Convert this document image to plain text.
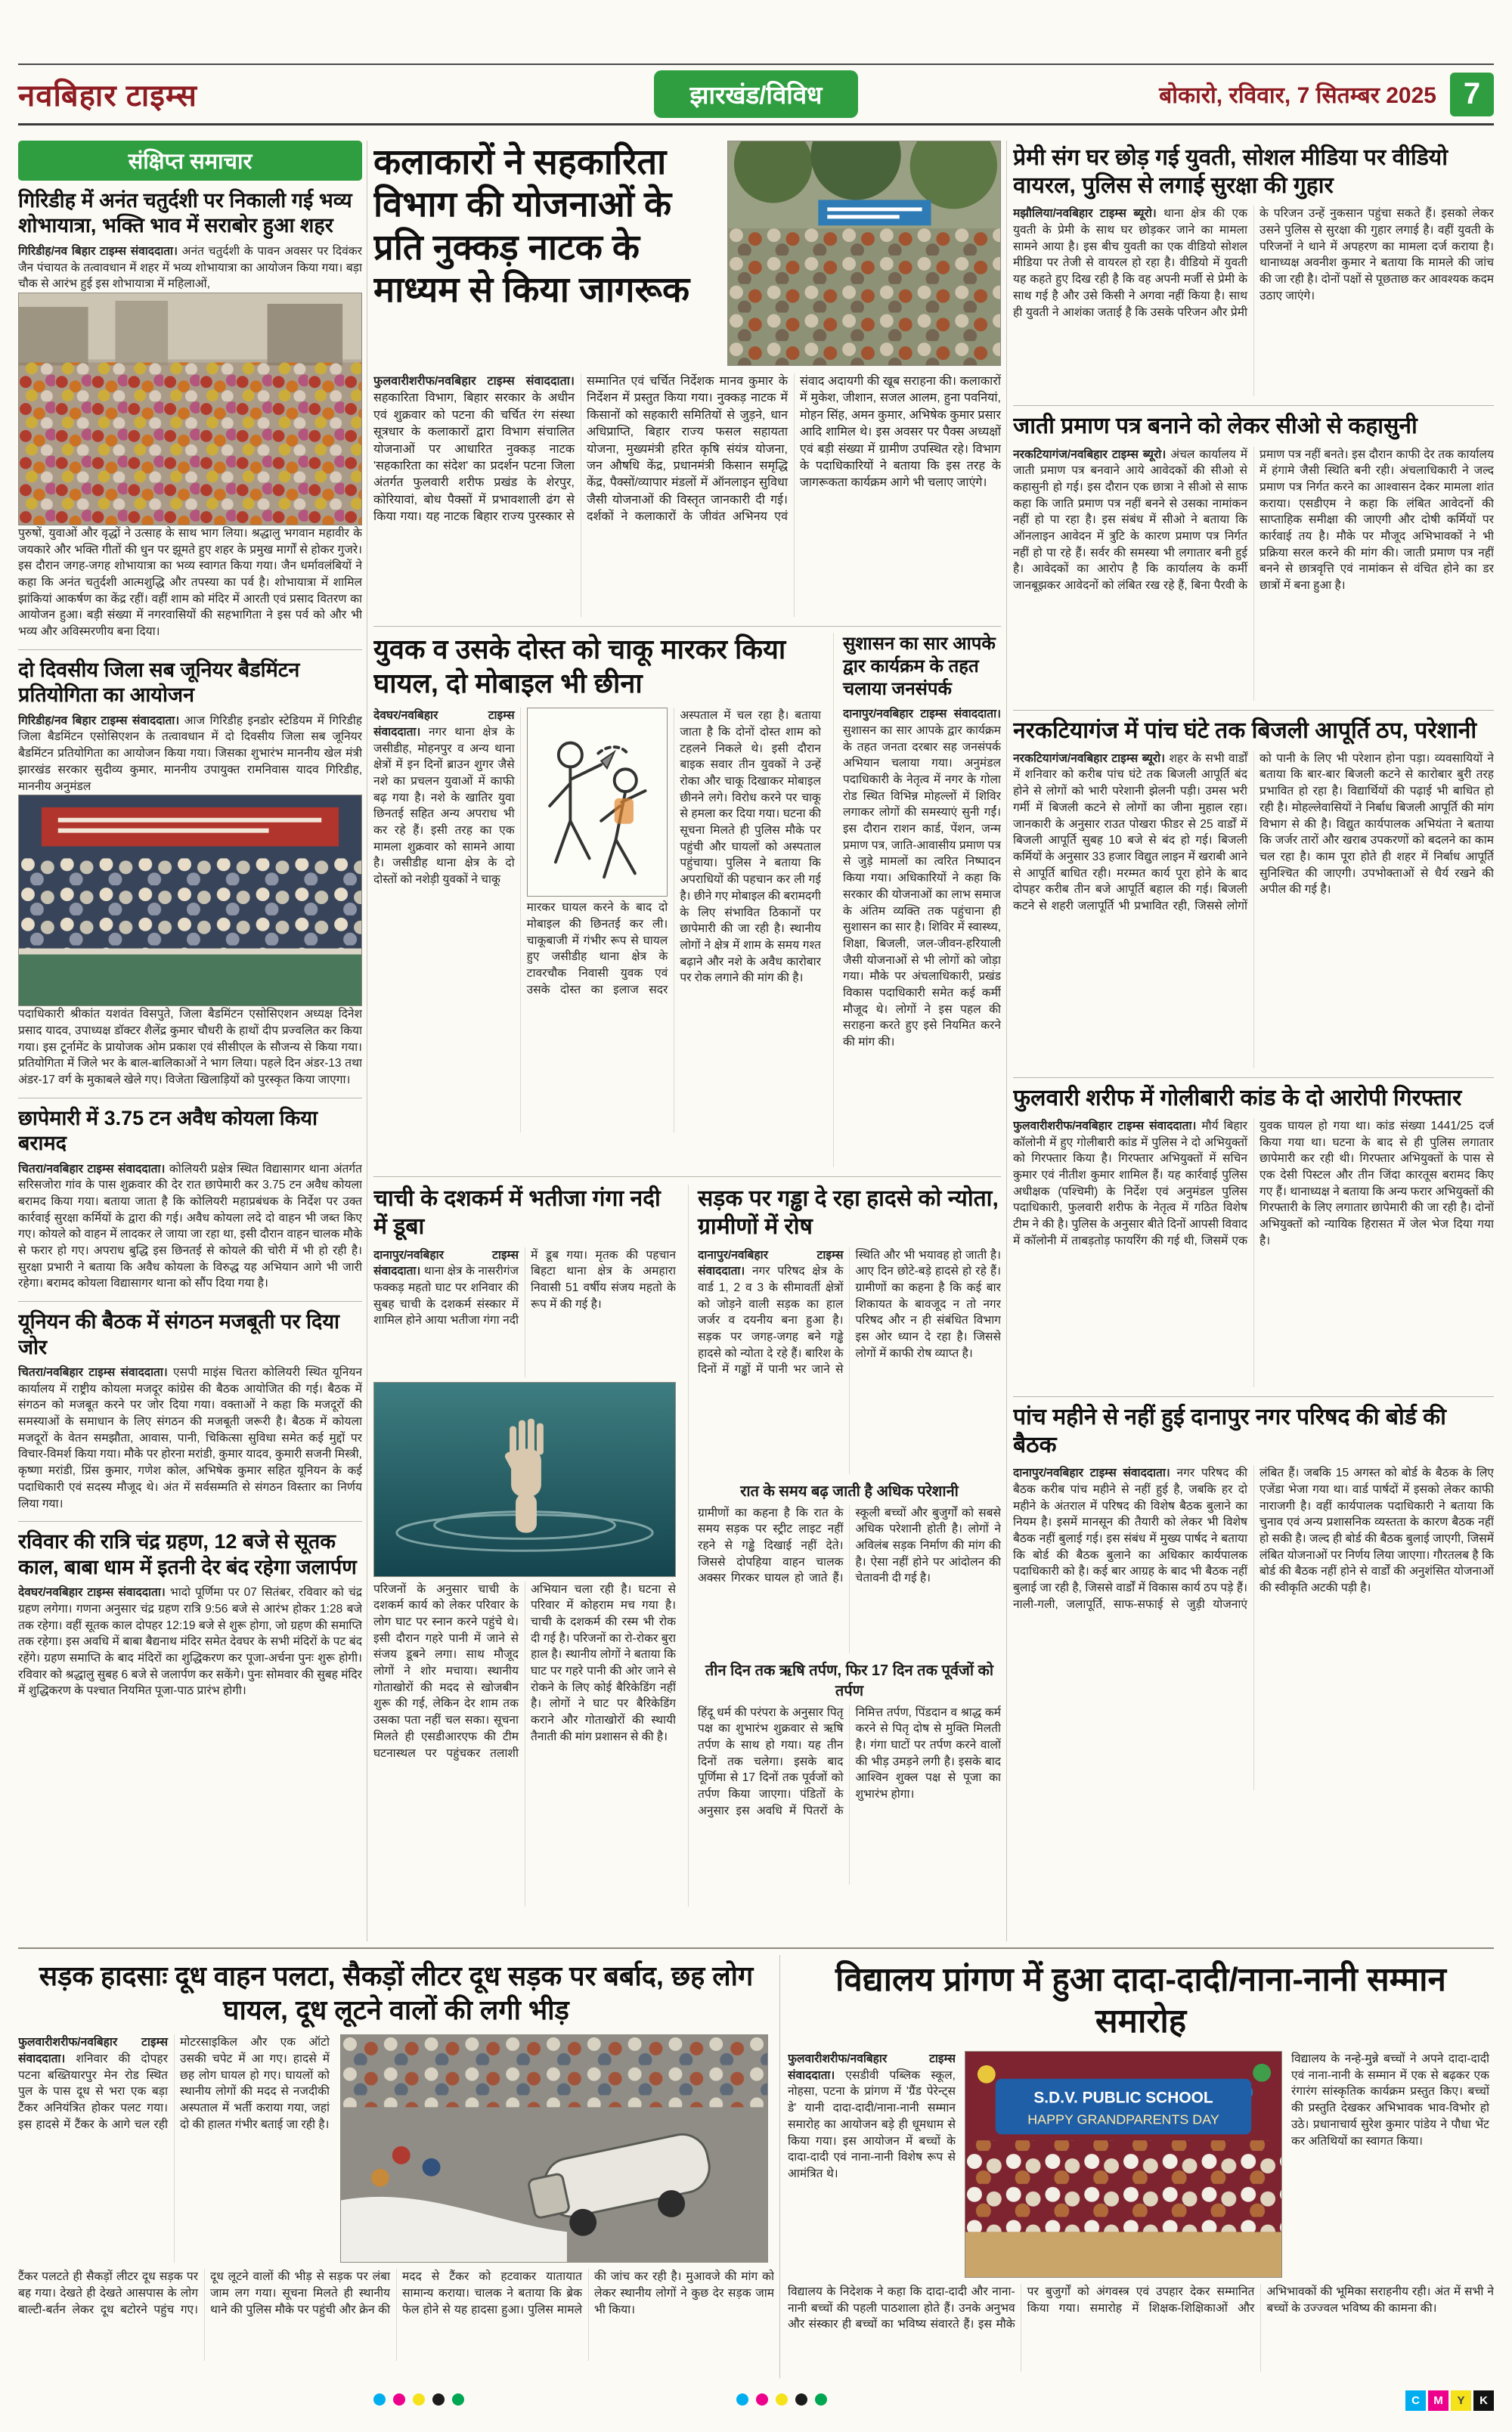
नवबिहार टाइम्स	झारखंड/विविध	बोकारो, रविवार, 7 सितम्बर 2025 7
संक्षिप्त समाचार
गिरिडीह में अनंत चतुर्दशी पर निकाली गई भव्य शोभायात्रा, भक्ति भाव में सराबोर हुआ शहर

गिरिडीह/नव बिहार टाइम्स संवाददाता। अनंत चतुर्दशी के पावन अवसर पर दिवंकर जैन पंचायत के तत्वावधान में शहर में भव्य शोभायात्रा का आयोजन किया गया। बड़ा चौक से आरंभ हुई इस शोभायात्रा में महिलाओं,

पुरुषों, युवाओं और वृद्धों ने उत्साह के साथ भाग लिया। श्रद्धालु भगवान महावीर के जयकारे और भक्ति गीतों की धुन पर झूमते हुए शहर के प्रमुख मार्गों से होकर गुजरे। इस दौरान जगह-जगह शोभायात्रा का भव्य स्वागत किया गया। जैन धर्मावलंबियों ने कहा कि अनंत चतुर्दशी आत्मशुद्धि और तपस्या का पर्व है। शोभायात्रा में शामिल झांकियां आकर्षण का केंद्र रहीं। वहीं शाम को मंदिर में आरती एवं प्रसाद वितरण का आयोजन हुआ। बड़ी संख्या में नगरवासियों की सहभागिता ने इस पर्व को और भी भव्य और अविस्मरणीय बना दिया।

दो दिवसीय जिला सब जूनियर बैडमिंटन प्रतियोगिता का आयोजन

गिरिडीह/नव बिहार टाइम्स संवाददाता। आज गिरिडीह इनडोर स्टेडियम में गिरिडीह जिला बैडमिंटन एसोसिएशन के तत्वावधान में दो दिवसीय जिला सब जूनियर बैडमिंटन प्रतियोगिता का आयोजन किया गया। जिसका शुभारंभ माननीय खेल मंत्री झारखंड सरकार सुदीव्य कुमार, माननीय उपायुक्त रामनिवास यादव गिरिडीह, माननीय अनुमंडल

पदाधिकारी श्रीकांत यशवंत विसपुते, जिला बैडमिंटन एसोसिएशन अध्यक्ष दिनेश प्रसाद यादव, उपाध्यक्ष डॉक्टर शैलेंद्र कुमार चौधरी के हाथों दीप प्रज्वलित कर किया गया। इस टूर्नामेंट के प्रायोजक ओम प्रकाश एवं सीसीएल के सौजन्य से किया गया। प्रतियोगिता में जिले भर के बाल-बालिकाओं ने भाग लिया। पहले दिन अंडर-13 तथा अंडर-17 वर्ग के मुकाबले खेले गए। विजेता खिलाड़ियों को पुरस्कृत किया जाएगा।

छापेमारी में 3.75 टन अवैध कोयला किया बरामद

चितरा/नवबिहार टाइम्स संवाददाता। कोलियरी प्रक्षेत्र स्थित विद्यासागर थाना अंतर्गत सरिसजोरा गांव के पास शुक्रवार की देर रात छापेमारी कर 3.75 टन अवैध कोयला बरामद किया गया। बताया जाता है कि कोलियरी महाप्रबंधक के निर्देश पर उक्त कार्रवाई सुरक्षा कर्मियों के द्वारा की गई। अवैध कोयला लदे दो वाहन भी जब्त किए गए। कोयले को वाहन में लादकर ले जाया जा रहा था, इसी दौरान वाहन चालक मौके से फरार हो गए। अपराध बुद्धि इस छिनतई से कोयले की चोरी में भी हो रही है। सुरक्षा प्रभारी ने बताया कि अवैध कोयला के विरुद्ध यह अभियान आगे भी जारी रहेगा। बरामद कोयला विद्यासागर थाना को सौंप दिया गया है।

यूनियन की बैठक में संगठन मजबूती पर दिया जोर

चितरा/नवबिहार टाइम्स संवाददाता। एसपी माइंस चितरा कोलियरी स्थित यूनियन कार्यालय में राष्ट्रीय कोयला मजदूर कांग्रेस की बैठक आयोजित की गई। बैठक में संगठन को मजबूत करने पर जोर दिया गया। वक्ताओं ने कहा कि मजदूरों की समस्याओं के समाधान के लिए संगठन की मजबूती जरूरी है। बैठक में कोयला मजदूरों के वेतन समझौता, आवास, पानी, चिकित्सा सुविधा समेत कई मुद्दों पर विचार-विमर्श किया गया। मौके पर होरना मरांडी, कुमार यादव, कुमारी सजनी मिस्त्री, कृष्णा मरांडी, प्रिंस कुमार, गणेश कोल, अभिषेक कुमार सहित यूनियन के कई पदाधिकारी एवं सदस्य मौजूद थे। अंत में सर्वसम्मति से संगठन विस्तार का निर्णय लिया गया।

रविवार की रात्रि चंद्र ग्रहण, 12 बजे से सूतक काल, बाबा धाम में इतनी देर बंद रहेगा जलार्पण

देवघर/नवबिहार टाइम्स संवाददाता। भादो पूर्णिमा पर 07 सितंबर, रविवार को चंद्र ग्रहण लगेगा। गणना अनुसार चंद्र ग्रहण रात्रि 9:56 बजे से आरंभ होकर 1:28 बजे तक रहेगा। वहीं सूतक काल दोपहर 12:19 बजे से शुरू होगा, जो ग्रहण की समाप्ति तक रहेगा। इस अवधि में बाबा बैद्यनाथ मंदिर समेत देवघर के सभी मंदिरों के पट बंद रहेंगे। ग्रहण समाप्ति के बाद मंदिरों का शुद्धिकरण कर पूजा-अर्चना पुनः शुरू होगी। रविवार को श्रद्धालु सुबह 6 बजे से जलार्पण कर सकेंगे। पुनः सोमवार की सुबह मंदिर में शुद्धिकरण के पश्चात नियमित पूजा-पाठ प्रारंभ होगी।

कलाकारों ने सहकारिता विभाग की योजनाओं के प्रति नुक्कड़ नाटक के माध्यम से किया जागरूक

फुलवारीशरीफ/नवबिहार टाइम्स संवाददाता। सहकारिता विभाग, बिहार सरकार के अधीन एवं शुक्रवार को पटना की चर्चित रंग संस्था सूत्रधार के कलाकारों द्वारा विभाग संचालित योजनाओं पर आधारित नुक्कड़ नाटक 'सहकारिता का संदेश' का प्रदर्शन पटना जिला अंतर्गत फुलवारी शरीफ प्रखंड के शेरपुर, कोरियावां, बोध पैक्सों में प्रभावशाली ढंग से किया गया। यह नाटक बिहार राज्य पुरस्कार से सम्मानित एवं चर्चित निर्देशक मानव कुमार के निर्देशन में प्रस्तुत किया गया। नुक्कड़ नाटक में किसानों को सहकारी समितियों से जुड़ने, धान अधिप्राप्ति, बिहार राज्य फसल सहायता योजना, मुख्यमंत्री हरित कृषि संयंत्र योजना, जन औषधि केंद्र, प्रधानमंत्री किसान समृद्धि केंद्र, पैक्सों/व्यापार मंडलों में ऑनलाइन सुविधा जैसी योजनाओं की विस्तृत जानकारी दी गई। दर्शकों ने कलाकारों के जीवंत अभिनय एवं संवाद अदायगी की खूब सराहना की। कलाकारों में मुकेश, जीशान, सजल आलम, हुना पवनियां, मोहन सिंह, अमन कुमार, अभिषेक कुमार प्रसार आदि शामिल थे। इस अवसर पर पैक्स अध्यक्षों एवं बड़ी संख्या में ग्रामीण उपस्थित रहे। विभाग के पदाधिकारियों ने बताया कि इस तरह के जागरूकता कार्यक्रम आगे भी चलाए जाएंगे।

युवक व उसके दोस्त को चाकू मारकर किया घायल, दो मोबाइल भी छीना

देवघर/नवबिहार टाइम्स संवाददाता। नगर थाना क्षेत्र के जसीडीह, मोहनपुर व अन्य थाना क्षेत्रों में इन दिनों ब्राउन शुगर जैसे नशे का प्रचलन युवाओं में काफी बढ़ गया है। नशे के खातिर युवा छिनतई सहित अन्य अपराध भी कर रहे हैं। इसी तरह का एक मामला शुक्रवार को सामने आया है। जसीडीह थाना क्षेत्र के दो दोस्तों को नशेड़ी युवकों ने चाकू

मारकर घायल करने के बाद दो मोबाइल की छिनतई कर ली। चाकूबाजी में गंभीर रूप से घायल हुए जसीडीह थाना क्षेत्र के टावरचौक निवासी युवक एवं उसके दोस्त का इलाज सदर अस्पताल में चल रहा है। बताया जाता है कि दोनों दोस्त शाम को टहलने निकले थे। इसी दौरान बाइक सवार तीन युवकों ने उन्हें रोका और चाकू दिखाकर मोबाइल छीनने लगे। विरोध करने पर चाकू से हमला कर दिया गया। घटना की सूचना मिलते ही पुलिस मौके पर पहुंची और घायलों को अस्पताल पहुंचाया। पुलिस ने बताया कि अपराधियों की पहचान कर ली गई है। छीने गए मोबाइल की बरामदगी के लिए संभावित ठिकानों पर छापेमारी की जा रही है। स्थानीय लोगों ने क्षेत्र में शाम के समय गश्त बढ़ाने और नशे के अवैध कारोबार पर रोक लगाने की मांग की है।

सुशासन का सार आपके द्वार कार्यक्रम के तहत चलाया जनसंपर्क

दानापुर/नवबिहार टाइम्स संवाददाता। सुशासन का सार आपके द्वार कार्यक्रम के तहत जनता दरबार सह जनसंपर्क अभियान चलाया गया। अनुमंडल पदाधिकारी के नेतृत्व में नगर के गोला रोड स्थित विभिन्न मोहल्लों में शिविर लगाकर लोगों की समस्याएं सुनी गईं। इस दौरान राशन कार्ड, पेंशन, जन्म प्रमाण पत्र, जाति-आवासीय प्रमाण पत्र से जुड़े मामलों का त्वरित निष्पादन किया गया। अधिकारियों ने कहा कि सरकार की योजनाओं का लाभ समाज के अंतिम व्यक्ति तक पहुंचाना ही सुशासन का सार है। शिविर में स्वास्थ्य, शिक्षा, बिजली, जल-जीवन-हरियाली जैसी योजनाओं से भी लोगों को जोड़ा गया। मौके पर अंचलाधिकारी, प्रखंड विकास पदाधिकारी समेत कई कर्मी मौजूद थे। लोगों ने इस पहल की सराहना करते हुए इसे नियमित करने की मांग की।

चाची के दशकर्म में भतीजा गंगा नदी में डूबा

दानापुर/नवबिहार टाइम्स संवाददाता। थाना क्षेत्र के नासरीगंज फक्कड़ महतो घाट पर शनिवार की सुबह चाची के दशकर्म संस्कार में शामिल होने आया भतीजा गंगा नदी में डूब गया। मृतक की पहचान बिहटा थाना क्षेत्र के अमहारा निवासी 51 वर्षीय संजय महतो के रूप में की गई है।

परिजनों के अनुसार चाची के दशकर्म कार्य को लेकर परिवार के लोग घाट पर स्नान करने पहुंचे थे। इसी दौरान गहरे पानी में जाने से संजय डूबने लगा। साथ मौजूद लोगों ने शोर मचाया। स्थानीय गोताखोरों की मदद से खोजबीन शुरू की गई, लेकिन देर शाम तक उसका पता नहीं चल सका। सूचना मिलते ही एसडीआरएफ की टीम घटनास्थल पर पहुंचकर तलाशी अभियान चला रही है। घटना से परिवार में कोहराम मच गया है। चाची के दशकर्म की रस्म भी रोक दी गई है। परिजनों का रो-रोकर बुरा हाल है। स्थानीय लोगों ने बताया कि घाट पर गहरे पानी की ओर जाने से रोकने के लिए कोई बैरिकेडिंग नहीं है। लोगों ने घाट पर बैरिकेडिंग कराने और गोताखोरों की स्थायी तैनाती की मांग प्रशासन से की है।

सड़क पर गड्ढा दे रहा हादसे को न्योता, ग्रामीणों में रोष

दानापुर/नवबिहार टाइम्स संवाददाता। नगर परिषद क्षेत्र के वार्ड 1, 2 व 3 के सीमावर्ती क्षेत्रों को जोड़ने वाली सड़क का हाल जर्जर व दयनीय बना हुआ है। सड़क पर जगह-जगह बने गड्ढे हादसे को न्योता दे रहे हैं। बारिश के दिनों में गड्ढों में पानी भर जाने से स्थिति और भी भयावह हो जाती है। आए दिन छोटे-बड़े हादसे हो रहे हैं। ग्रामीणों का कहना है कि कई बार शिकायत के बावजूद न तो नगर परिषद और न ही संबंधित विभाग इस ओर ध्यान दे रहा है। जिससे लोगों में काफी रोष व्याप्त है।

रात के समय बढ़ जाती है अधिक परेशानी

ग्रामीणों का कहना है कि रात के समय सड़क पर स्ट्रीट लाइट नहीं रहने से गड्ढे दिखाई नहीं देते। जिससे दोपहिया वाहन चालक अक्सर गिरकर घायल हो जाते हैं। स्कूली बच्चों और बुजुर्गों को सबसे अधिक परेशानी होती है। लोगों ने अविलंब सड़क निर्माण की मांग की है। ऐसा नहीं होने पर आंदोलन की चेतावनी दी गई है।

तीन दिन तक ऋषि तर्पण, फिर 17 दिन तक पूर्वजों को तर्पण

हिंदू धर्म की परंपरा के अनुसार पितृ पक्ष का शुभारंभ शुक्रवार से ऋषि तर्पण के साथ हो गया। यह तीन दिनों तक चलेगा। इसके बाद पूर्णिमा से 17 दिनों तक पूर्वजों को तर्पण किया जाएगा। पंडितों के अनुसार इस अवधि में पितरों के निमित्त तर्पण, पिंडदान व श्राद्ध कर्म करने से पितृ दोष से मुक्ति मिलती है। गंगा घाटों पर तर्पण करने वालों की भीड़ उमड़ने लगी है। इसके बाद आश्विन शुक्ल पक्ष से पूजा का शुभारंभ होगा।

प्रेमी संग घर छोड़ गई युवती, सोशल मीडिया पर वीडियो वायरल, पुलिस से लगाई सुरक्षा की गुहार

मझौलिया/नवबिहार टाइम्स ब्यूरो। थाना क्षेत्र की एक युवती के प्रेमी के साथ घर छोड़कर जाने का मामला सामने आया है। इस बीच युवती का एक वीडियो सोशल मीडिया पर तेजी से वायरल हो रहा है। वीडियो में युवती यह कहते हुए दिख रही है कि वह अपनी मर्जी से प्रेमी के साथ गई है और उसे किसी ने अगवा नहीं किया है। साथ ही युवती ने आशंका जताई है कि उसके परिजन और प्रेमी के परिजन उन्हें नुकसान पहुंचा सकते हैं। इसको लेकर उसने पुलिस से सुरक्षा की गुहार लगाई है। वहीं युवती के परिजनों ने थाने में अपहरण का मामला दर्ज कराया है। थानाध्यक्ष अवनीश कुमार ने बताया कि मामले की जांच की जा रही है। दोनों पक्षों से पूछताछ कर आवश्यक कदम उठाए जाएंगे।

जाती प्रमाण पत्र बनाने को लेकर सीओ से कहासुनी

नरकटियागंज/नवबिहार टाइम्स ब्यूरो। अंचल कार्यालय में जाती प्रमाण पत्र बनवाने आये आवेदकों की सीओ से कहासुनी हो गई। इस दौरान एक छात्रा ने सीओ से साफ कहा कि जाति प्रमाण पत्र नहीं बनने से उसका नामांकन नहीं हो पा रहा है। इस संबंध में सीओ ने बताया कि ऑनलाइन आवेदन में त्रुटि के कारण प्रमाण पत्र निर्गत नहीं हो पा रहे हैं। सर्वर की समस्या भी लगातार बनी हुई है। आवेदकों का आरोप है कि कार्यालय के कर्मी जानबूझकर आवेदनों को लंबित रख रहे हैं, बिना पैरवी के प्रमाण पत्र नहीं बनते। इस दौरान काफी देर तक कार्यालय में हंगामे जैसी स्थिति बनी रही। अंचलाधिकारी ने जल्द प्रमाण पत्र निर्गत करने का आश्वासन देकर मामला शांत कराया। एसडीएम ने कहा कि लंबित आवेदनों की साप्ताहिक समीक्षा की जाएगी और दोषी कर्मियों पर कार्रवाई तय है। मौके पर मौजूद अभिभावकों ने भी प्रक्रिया सरल करने की मांग की। जाती प्रमाण पत्र नहीं बनने से छात्रवृत्ति एवं नामांकन से वंचित होने का डर छात्रों में बना हुआ है।

नरकटियागंज में पांच घंटे तक बिजली आपूर्ति ठप, परेशानी

नरकटियागंज/नवबिहार टाइम्स ब्यूरो। शहर के सभी वार्डों में शनिवार को करीब पांच घंटे तक बिजली आपूर्ति बंद होने से लोगों को भारी परेशानी झेलनी पड़ी। उमस भरी गर्मी में बिजली कटने से लोगों का जीना मुहाल रहा। जानकारी के अनुसार राउत पोखरा फीडर से 25 वार्डों में बिजली आपूर्ति सुबह 10 बजे से बंद हो गई। बिजली कर्मियों के अनुसार 33 हजार विद्युत लाइन में खराबी आने से आपूर्ति बाधित रही। मरम्मत कार्य पूरा होने के बाद दोपहर करीब तीन बजे आपूर्ति बहाल की गई। बिजली कटने से शहरी जलापूर्ति भी प्रभावित रही, जिससे लोगों को पानी के लिए भी परेशान होना पड़ा। व्यवसायियों ने बताया कि बार-बार बिजली कटने से कारोबार बुरी तरह प्रभावित हो रहा है। विद्यार्थियों की पढ़ाई भी बाधित हो रही है। मोहल्लेवासियों ने निर्बाध बिजली आपूर्ति की मांग विभाग से की है। विद्युत कार्यपालक अभियंता ने बताया कि जर्जर तारों और खराब उपकरणों को बदलने का काम चल रहा है। काम पूरा होते ही शहर में निर्बाध आपूर्ति सुनिश्चित की जाएगी। उपभोक्ताओं से धैर्य रखने की अपील की गई है।

फुलवारी शरीफ में गोलीबारी कांड के दो आरोपी गिरफ्तार

फुलवारीशरीफ/नवबिहार टाइम्स संवाददाता। मौर्य बिहार कॉलोनी में हुए गोलीबारी कांड में पुलिस ने दो अभियुक्तों को गिरफ्तार किया है। गिरफ्तार अभियुक्तों में सचिन कुमार एवं नीतीश कुमार शामिल हैं। यह कार्रवाई पुलिस अधीक्षक (पश्चिमी) के निर्देश एवं अनुमंडल पुलिस पदाधिकारी, फुलवारी शरीफ के नेतृत्व में गठित विशेष टीम ने की है। पुलिस के अनुसार बीते दिनों आपसी विवाद में कॉलोनी में ताबड़तोड़ फायरिंग की गई थी, जिसमें एक युवक घायल हो गया था। कांड संख्या 1441/25 दर्ज किया गया था। घटना के बाद से ही पुलिस लगातार छापेमारी कर रही थी। गिरफ्तार अभियुक्तों के पास से एक देसी पिस्टल और तीन जिंदा कारतूस बरामद किए गए हैं। थानाध्यक्ष ने बताया कि अन्य फरार अभियुक्तों की गिरफ्तारी के लिए लगातार छापेमारी की जा रही है। दोनों अभियुक्तों को न्यायिक हिरासत में जेल भेज दिया गया है।

पांच महीने से नहीं हुई दानापुर नगर परिषद की बोर्ड की बैठक

दानापुर/नवबिहार टाइम्स संवाददाता। नगर परिषद की बैठक करीब पांच महीने से नहीं हुई है, जबकि हर दो महीने के अंतराल में परिषद की विशेष बैठक बुलाने का नियम है। इसमें मानसून की तैयारी को लेकर भी विशेष बैठक नहीं बुलाई गई। इस संबंध में मुख्य पार्षद ने बताया कि बोर्ड की बैठक बुलाने का अधिकार कार्यपालक पदाधिकारी को है। कई बार आग्रह के बाद भी बैठक नहीं बुलाई जा रही है, जिससे वार्डों में विकास कार्य ठप पड़े हैं। नाली-गली, जलापूर्ति, साफ-सफाई से जुड़ी योजनाएं लंबित हैं। जबकि 15 अगस्त को बोर्ड के बैठक के लिए एजेंडा भेजा गया था। वार्ड पार्षदों में इसको लेकर काफी नाराजगी है। वहीं कार्यपालक पदाधिकारी ने बताया कि चुनाव एवं अन्य प्रशासनिक व्यस्तता के कारण बैठक नहीं हो सकी है। जल्द ही बोर्ड की बैठक बुलाई जाएगी, जिसमें लंबित योजनाओं पर निर्णय लिया जाएगा। गौरतलब है कि बोर्ड की बैठक नहीं होने से वार्डों की अनुशंसित योजनाओं की स्वीकृति अटकी पड़ी है।

सड़क हादसाः दूध वाहन पलटा, सैकड़ों लीटर दूध सड़क पर बर्बाद, छह लोग घायल, दूध लूटने वालों की लगी भीड़

फुलवारीशरीफ/नवबिहार टाइम्स संवाददाता। शनिवार की दोपहर पटना बख्तियारपुर मेन रोड स्थित पुल के पास दूध से भरा एक बड़ा टैंकर अनियंत्रित होकर पलट गया। इस हादसे में टैंकर के आगे चल रही मोटरसाइकिल और एक ऑटो उसकी चपेट में आ गए। हादसे में छह लोग घायल हो गए। घायलों को स्थानीय लोगों की मदद से नजदीकी अस्पताल में भर्ती कराया गया, जहां दो की हालत गंभीर बताई जा रही है।

टैंकर पलटते ही सैकड़ों लीटर दूध सड़क पर बह गया। देखते ही देखते आसपास के लोग बाल्टी-बर्तन लेकर दूध बटोरने पहुंच गए। दूध लूटने वालों की भीड़ से सड़क पर लंबा जाम लग गया। सूचना मिलते ही स्थानीय थाने की पुलिस मौके पर पहुंची और क्रेन की मदद से टैंकर को हटवाकर यातायात सामान्य कराया। चालक ने बताया कि ब्रेक फेल होने से यह हादसा हुआ। पुलिस मामले की जांच कर रही है। मुआवजे की मांग को लेकर स्थानीय लोगों ने कुछ देर सड़क जाम भी किया।

विद्यालय प्रांगण में हुआ दादा-दादी/नाना-नानी सम्मान समारोह

फुलवारीशरीफ/नवबिहार टाइम्स संवाददाता। एसडीवी पब्लिक स्कूल, नोहसा, पटना के प्रांगण में 'ग्रैंड पेरेन्ट्स डे' यानी दादा-दादी/नाना-नानी सम्मान समारोह का आयोजन बड़े ही धूमधाम से किया गया। इस आयोजन में बच्चों के दादा-दादी एवं नाना-नानी विशेष रूप से आमंत्रित थे।

S.D.V. PUBLIC SCHOOL
HAPPY GRANDPARENTS DAY

विद्यालय के नन्हे-मुन्ने बच्चों ने अपने दादा-दादी एवं नाना-नानी के सम्मान में एक से बढ़कर एक रंगारंग सांस्कृतिक कार्यक्रम प्रस्तुत किए। बच्चों की प्रस्तुति देखकर अभिभावक भाव-विभोर हो उठे। प्रधानाचार्य सुरेश कुमार पांडेय ने पौधा भेंट कर अतिथियों का स्वागत किया।

विद्यालय के निदेशक ने कहा कि दादा-दादी और नाना-नानी बच्चों की पहली पाठशाला होते हैं। उनके अनुभव और संस्कार ही बच्चों का भविष्य संवारते हैं। इस मौके पर बुजुर्गों को अंगवस्त्र एवं उपहार देकर सम्मानित किया गया। समारोह में शिक्षक-शिक्षिकाओं और अभिभावकों की भूमिका सराहनीय रही। अंत में सभी ने बच्चों के उज्ज्वल भविष्य की कामना की।

C	M	Y	K
